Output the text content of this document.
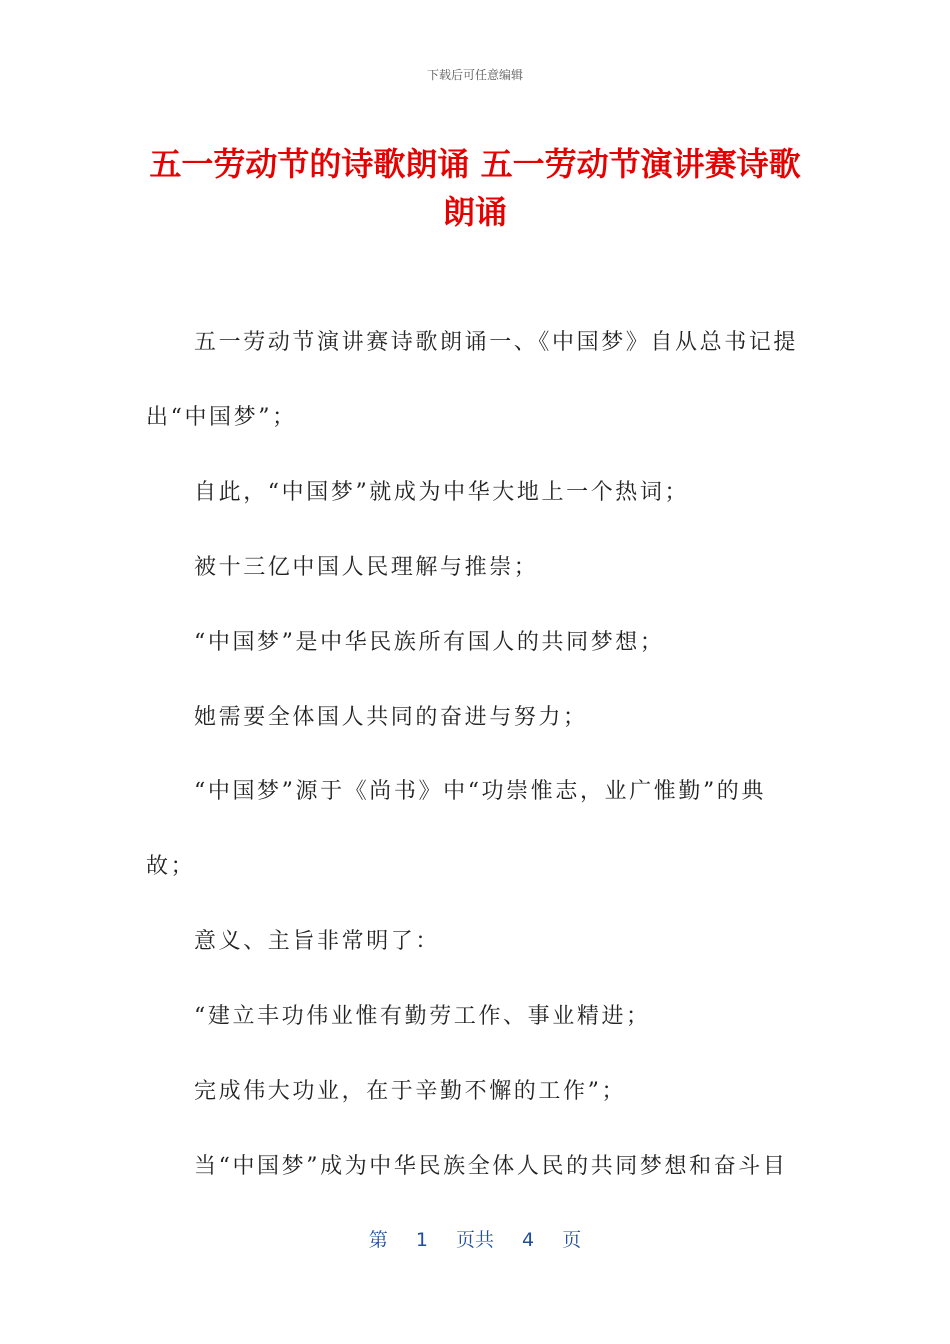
下载后可任意编辑
五一劳动节的诗歌朗诵 五一劳动节演讲赛诗歌朗诵
五一劳动节演讲赛诗歌朗诵一、《中国梦》自从总书记提
出“中国梦”；
自此，“中国梦”就成为中华大地上一个热词；
被十三亿中国人民理解与推崇；
“中国梦”是中华民族所有国人的共同梦想；
她需要全体国人共同的奋进与努力；
“中国梦”源于《尚书》中“功崇惟志，业广惟勤”的典
故；
意义、主旨非常明了：
“建立丰功伟业惟有勤劳工作、事业精进；
完成伟大功业，在于辛勤不懈的工作”；
当“中国梦”成为中华民族全体人民的共同梦想和奋斗目
第 1 页共 4 页
